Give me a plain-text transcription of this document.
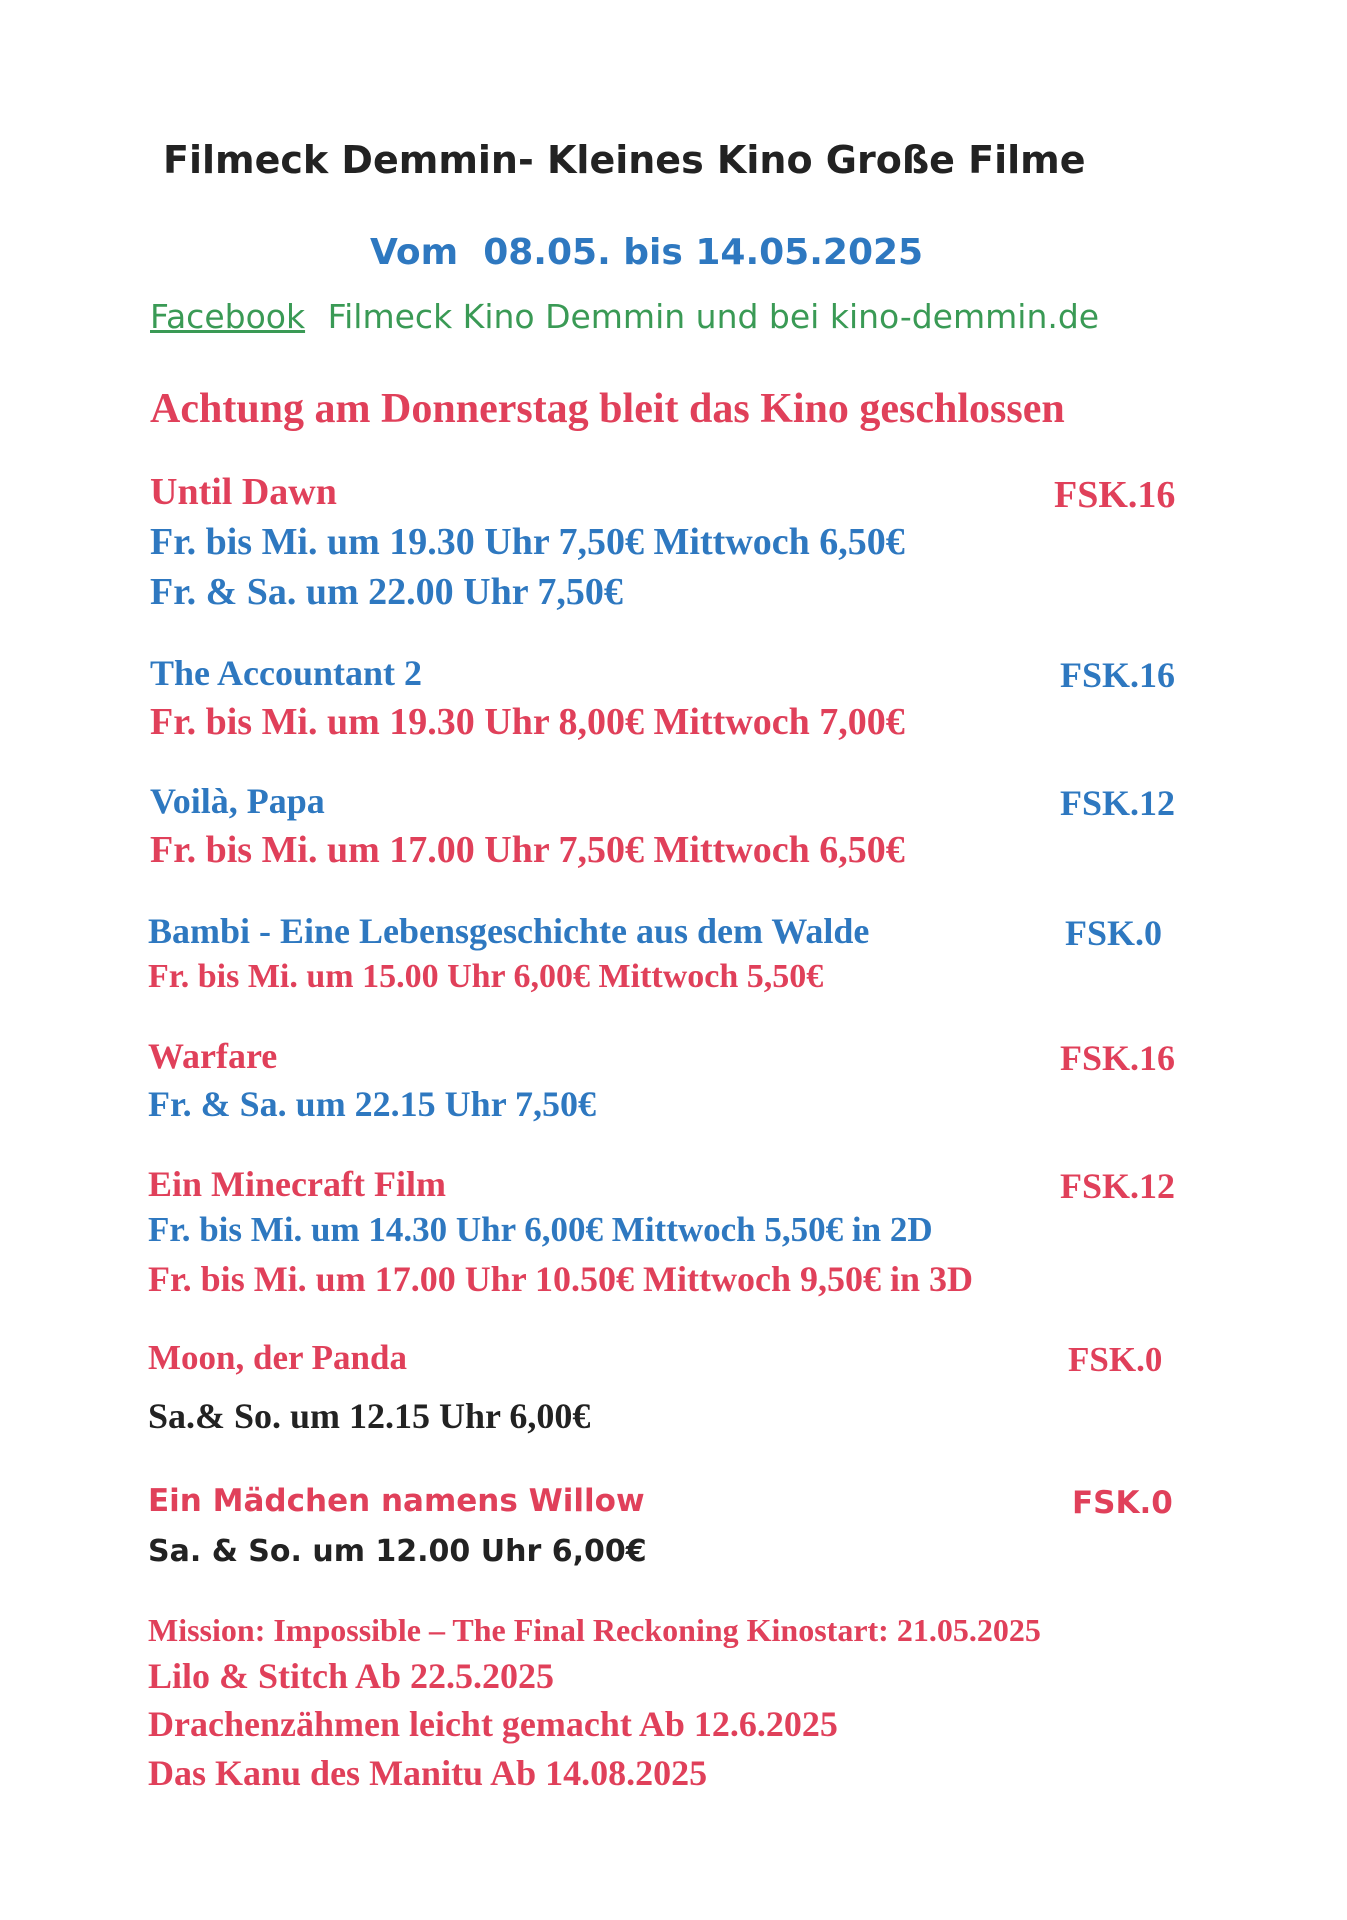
Filmeck Demmin- Kleines Kino Große Filme
Vom  08.05. bis 14.05.2025
Facebook Filmeck Kino Demmin und bei kino-demmin.de
Achtung am Donnerstag bleit das Kino geschlossen
Until Dawn	FSK.16
Fr. bis Mi. um 19.30 Uhr 7,50€ Mittwoch 6,50€
Fr. & Sa. um 22.00 Uhr 7,50€
The Accountant 2	FSK.16
Fr. bis Mi. um 19.30 Uhr 8,00€ Mittwoch 7,00€
Voilà, Papa	FSK.12
Fr. bis Mi. um 17.00 Uhr 7,50€ Mittwoch 6,50€
Bambi - Eine Lebensgeschichte aus dem Walde	FSK.0
Fr. bis Mi. um 15.00 Uhr 6,00€ Mittwoch 5,50€
Warfare	FSK.16
Fr. & Sa. um 22.15 Uhr 7,50€
Ein Minecraft Film	FSK.12
Fr. bis Mi. um 14.30 Uhr 6,00€ Mittwoch 5,50€ in 2D
Fr. bis Mi. um 17.00 Uhr 10.50€ Mittwoch 9,50€ in 3D
Moon, der Panda	FSK.0
Sa.& So. um 12.15 Uhr 6,00€
Ein Mädchen namens Willow	FSK.0
Sa. & So. um 12.00 Uhr 6,00€
Mission: Impossible – The Final Reckoning Kinostart: 21.05.2025
Lilo & Stitch Ab 22.5.2025
Drachenzähmen leicht gemacht Ab 12.6.2025
Das Kanu des Manitu Ab 14.08.2025
